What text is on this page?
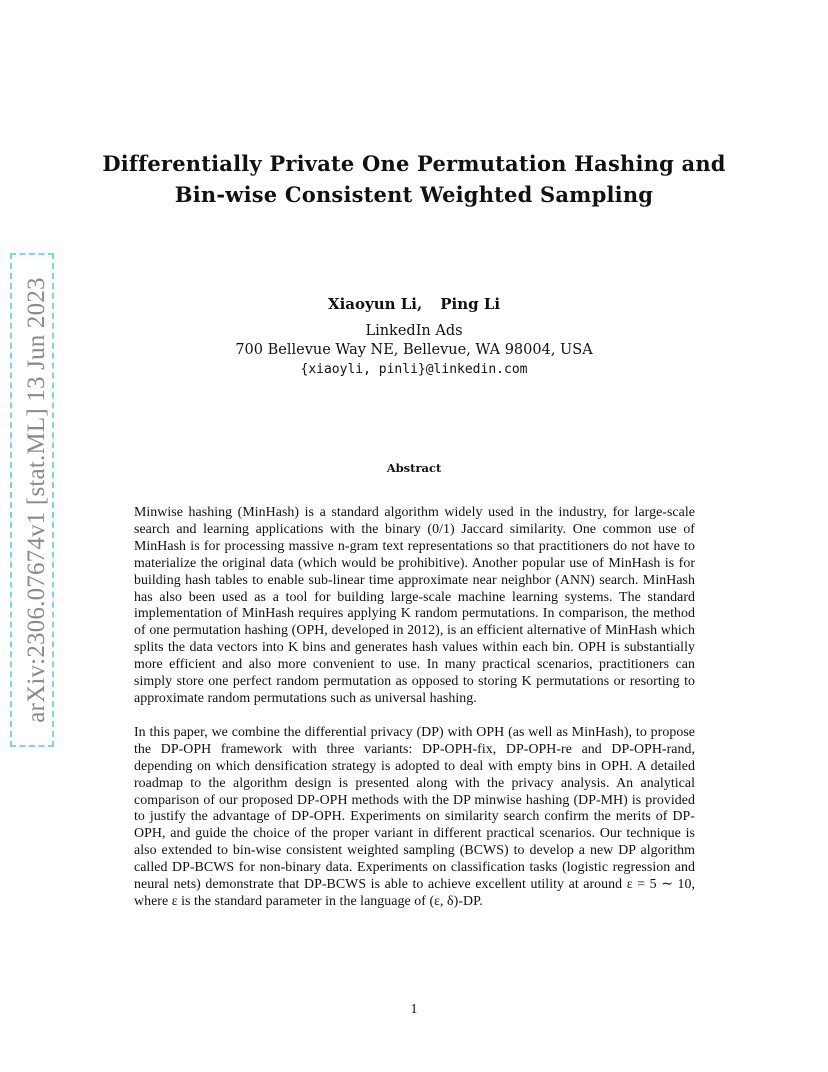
arXiv:2306.07674v1 [stat.ML] 13 Jun 2023
Differentially Private One Permutation Hashing and
Bin-wise Consistent Weighted Sampling
Xiaoyun Li, Ping Li
LinkedIn Ads
700 Bellevue Way NE, Bellevue, WA 98004, USA
{xiaoyli, pinli}@linkedin.com
Abstract

Minwise hashing (MinHash) is a standard algorithm widely used in the industry, for large-scale search and learning applications with the binary (0/1) Jaccard similarity. One common use of MinHash is for processing massive n-gram text representations so that practitioners do not have to materialize the original data (which would be prohibitive). Another popular use of MinHash is for building hash tables to enable sub-linear time approximate near neighbor (ANN) search. MinHash has also been used as a tool for building large-scale machine learning systems. The standard implementation of MinHash requires applying K random permutations. In comparison, the method of one permutation hashing (OPH, developed in 2012), is an efficient alternative of MinHash which splits the data vectors into K bins and generates hash values within each bin. OPH is substantially more efficient and also more convenient to use. In many practical scenarios, practitioners can simply store one perfect random permutation as opposed to storing K permutations or resorting to approximate random permutations such as universal hashing.

In this paper, we combine the differential privacy (DP) with OPH (as well as MinHash), to propose the DP-OPH framework with three variants: DP-OPH-fix, DP-OPH-re and DP-OPH-rand, depending on which densification strategy is adopted to deal with empty bins in OPH. A detailed roadmap to the algorithm design is presented along with the privacy analysis. An analytical comparison of our proposed DP-OPH methods with the DP minwise hashing (DP-MH) is provided to justify the advantage of DP-OPH. Experiments on similarity search confirm the merits of DP-OPH, and guide the choice of the proper variant in different practical scenarios. Our technique is also extended to bin-wise consistent weighted sampling (BCWS) to develop a new DP algorithm called DP-BCWS for non-binary data. Experiments on classification tasks (logistic regression and neural nets) demonstrate that DP-BCWS is able to achieve excellent utility at around ε = 5 ∼ 10, where ε is the standard parameter in the language of (ε, δ)-DP.

1
